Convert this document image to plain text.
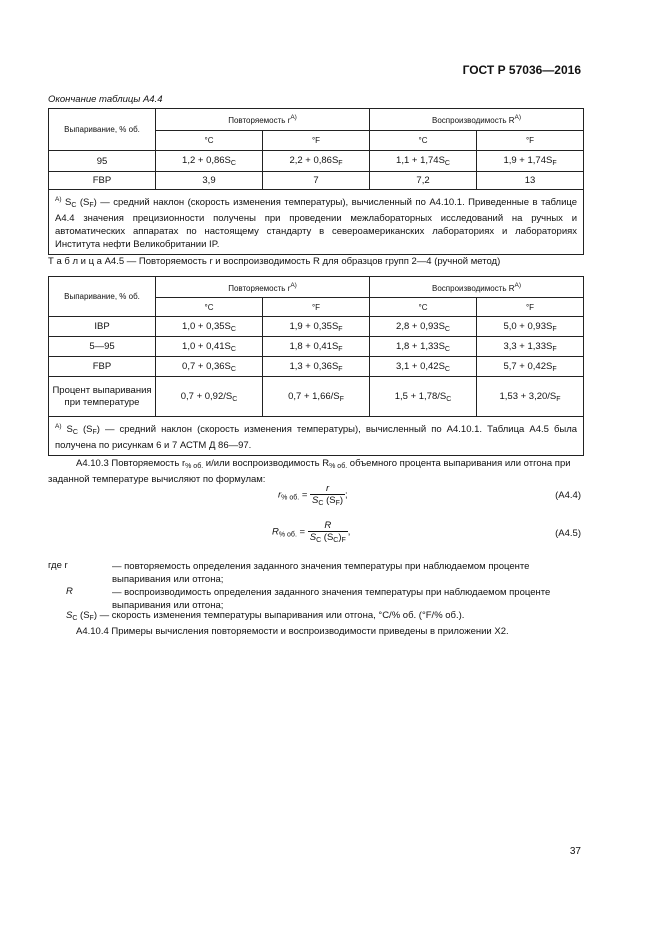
ГОСТ Р 57036—2016
Окончание таблицы А4.4
Выпаривание, % об.	Повторяемость $r^{A)}$		Воспроизводимость $R^{A)}$
	°C	°F	°C	°F
95	$1,2 + 0,86S_C$	$2,2 + 0,86S_F$	$1,1 + 1,74S_C$	$1,9 + 1,74S_F$
FBP	3,9	7	7,2	13
$^{A)}$ $S_C$ $(S_F)$ — средний наклон (скорость изменения температуры), вычисленный по А4.10.1. Приведенные в таблице А4.4 значения прецизионности получены при проведении межлабораторных исследований на ручных и автоматических аппаратах по настоящему стандарту в североамериканских лабораториях и лабораториях Института нефти Великобритании IP.				
Т а б л и ц а А4.5 — Повторяемость r и воспроизводимость R для образцов групп 2—4 (ручной метод)
Выпаривание, % об.	Повторяемость $r^{A)}$		Воспроизводимость $R^{A)}$
	°C	°F	°C	°F
IBP	$1,0 + 0,35S_C$	$1,9 + 0,35S_F$	$2,8 + 0,93S_C$	$5,0 + 0,93S_F$
5—95	$1,0 + 0,41S_C$	$1,8 + 0,41S_F$	$1,8 + 1,33S_C$	$3,3 + 1,33S_F$
FBP	$0,7 + 0,36S_C$	$1,3 + 0,36S_F$	$3,1 + 0,42S_C$	$5,7 + 0,42S_F$
Процент выпаривания при температуре	$0,7 + 0,92/S_C$	$0,7 + 1,66/S_F$	$1,5 + 1,78/S_C$	$1,53 + 3,20/S_F$
$^{A)}$ $S_C$ $(S_F)$ — средний наклон (скорость изменения температуры), вычисленный по А4.10.1. Таблица А4.5 была получена по рисункам 6 и 7 АСТМ Д 86—97.				
А4.10.3 Повторяемость $r_{\% об.}$ и/или воспроизводимость $R_{\% об.}$ объемного процента выпаривания или отгона при заданной температуре вычисляют по формулам:
$r_{\% об.} = \frac{r}{S_C (S_F)}$ ;	(А4.4)
$R_{\% об.} = \frac{R}{S_C (S_C)_F}$ ,	(А4.5)
где r	— повторяемость определения заданного значения температуры при наблюдаемом проценте выпаривания или отгона;
R	— воспроизводимость определения заданного значения температуры при наблюдаемом проценте выпаривания или отгона;
$S_C$ $(S_F)$ — скорость изменения температуры выпаривания или отгона, °С/% об. (°F/% об.).
А4.10.4 Примеры вычисления повторяемости и воспроизводимости приведены в приложении Х2.
37
